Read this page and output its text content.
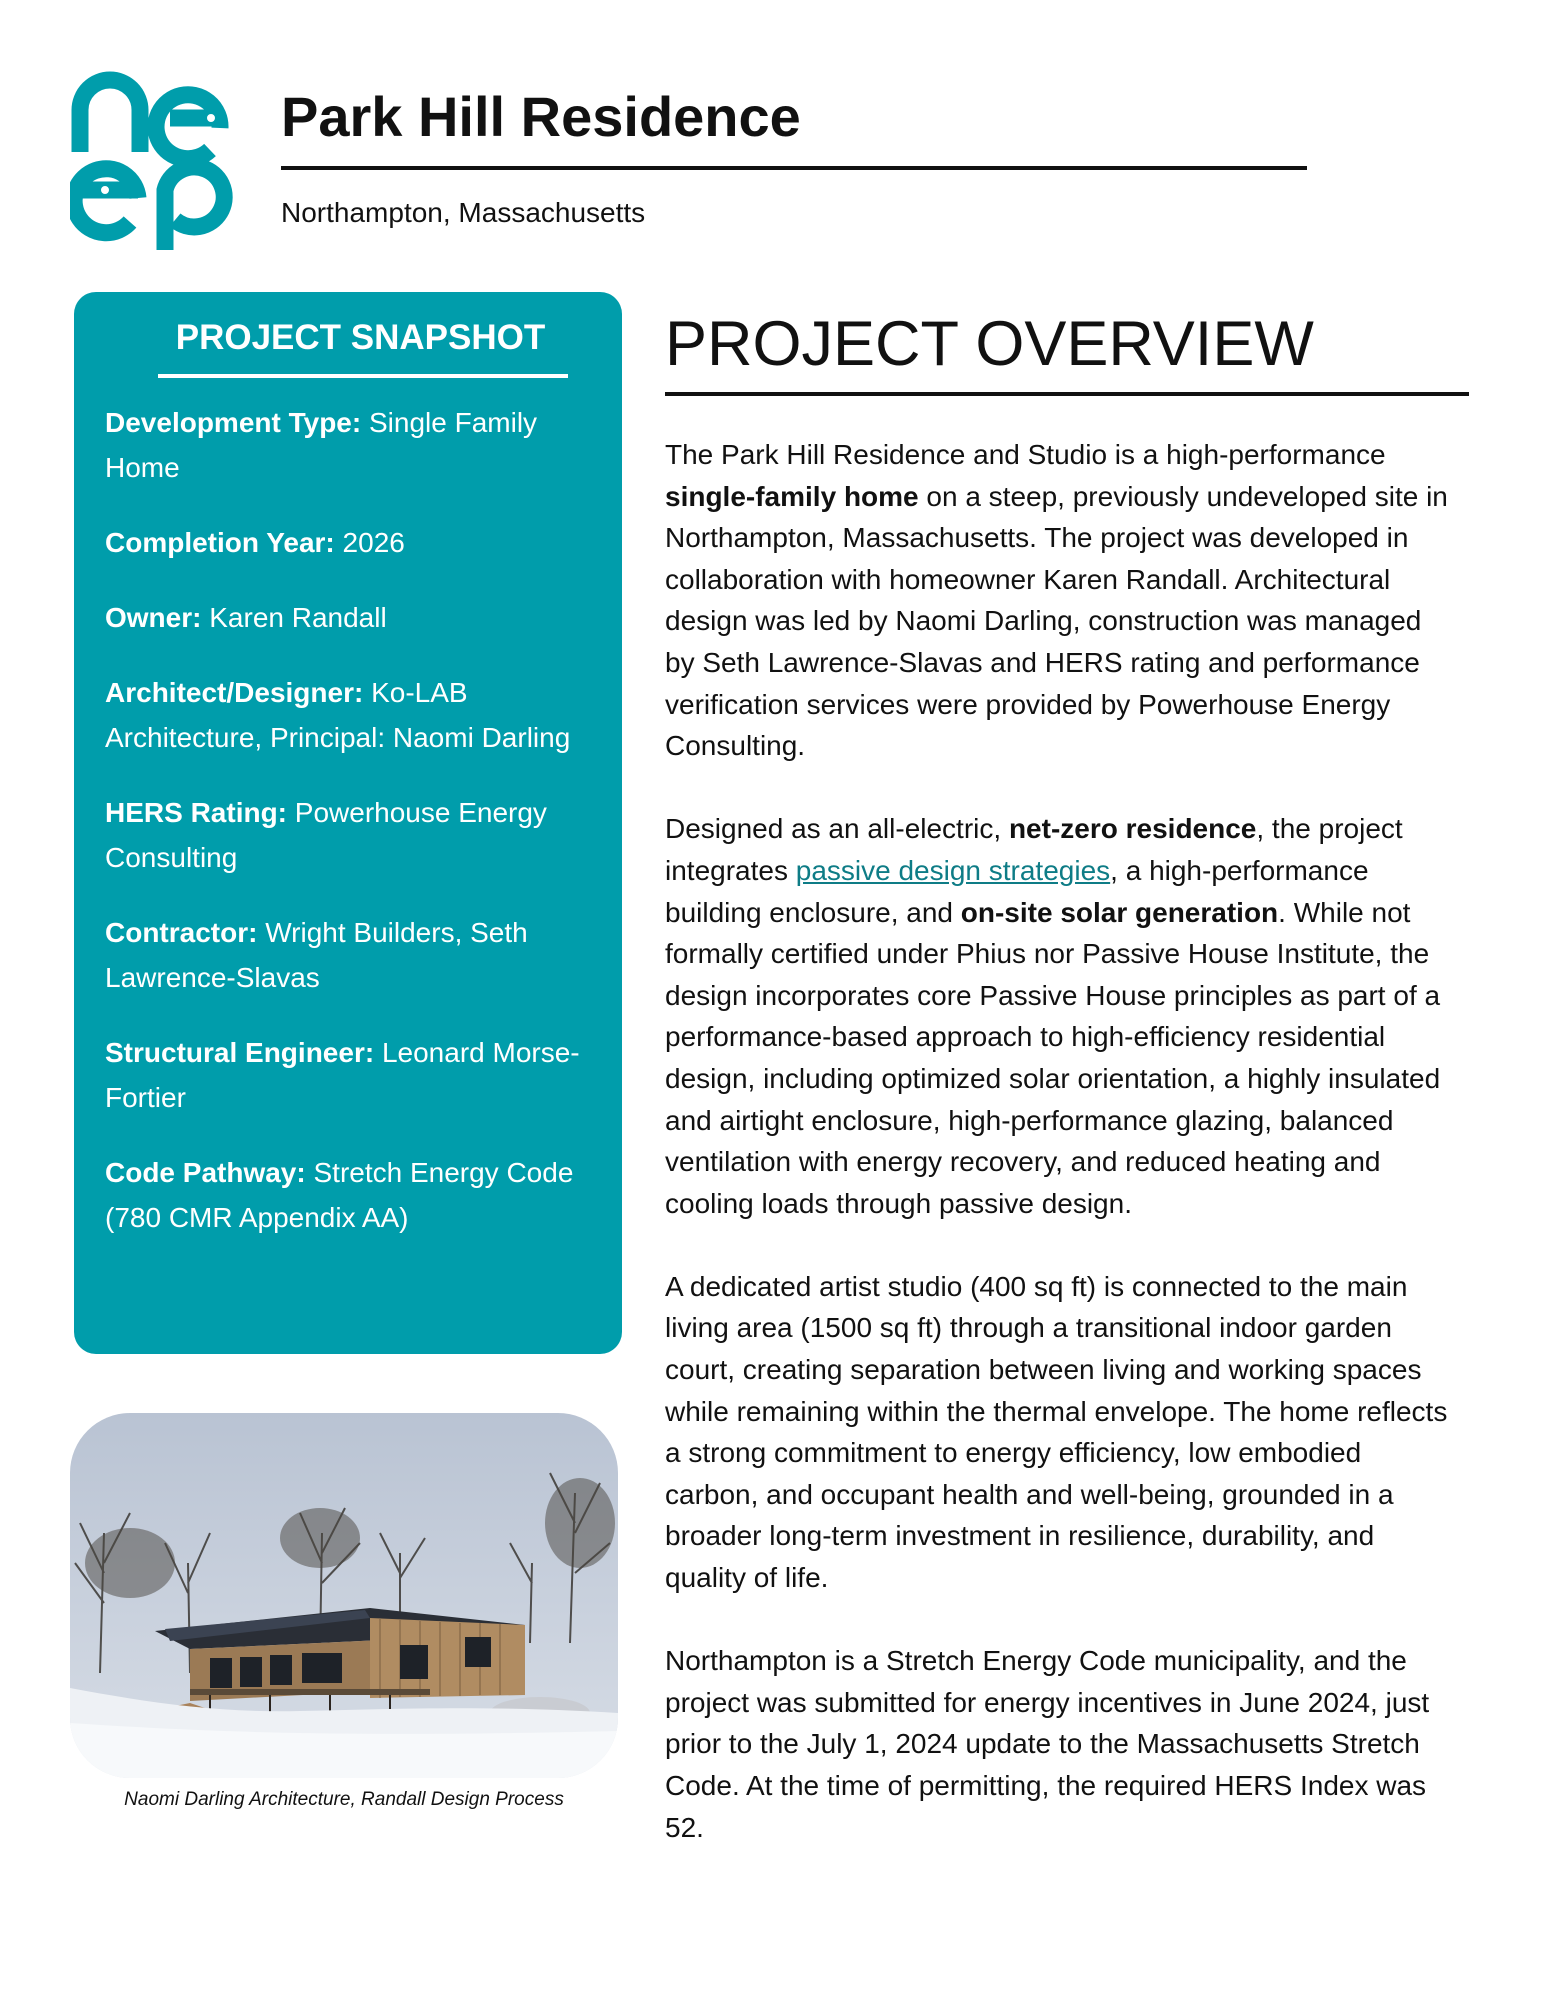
Park Hill Residence
Northampton, Massachusetts
PROJECT SNAPSHOT
Development Type: Single Family Home
Completion Year: 2026
Owner: Karen Randall
Architect/Designer: Ko-LAB Architecture, Principal: Naomi Darling
HERS Rating: Powerhouse Energy Consulting
Contractor: Wright Builders, Seth Lawrence-Slavas
Structural Engineer: Leonard Morse-Fortier
Code Pathway: Stretch Energy Code (780 CMR Appendix AA)
Naomi Darling Architecture, Randall Design Process
PROJECT OVERVIEW

The Park Hill Residence and Studio is a high-performance single-family home on a steep, previously undeveloped site in Northampton, Massachusetts. The project was developed in collaboration with homeowner Karen Randall. Architectural design was led by Naomi Darling, construction was managed by Seth Lawrence-Slavas and HERS rating and performance verification services were provided by Powerhouse Energy Consulting.

Designed as an all-electric, net-zero residence, the project integrates passive design strategies, a high-performance building enclosure, and on-site solar generation. While not formally certified under Phius nor Passive House Institute, the design incorporates core Passive House principles as part of a performance-based approach to high-efficiency residential design, including optimized solar orientation, a highly insulated and airtight enclosure, high-performance glazing, balanced ventilation with energy recovery, and reduced heating and cooling loads through passive design.

A dedicated artist studio (400 sq ft) is connected to the main living area (1500 sq ft) through a transitional indoor garden court, creating separation between living and working spaces while remaining within the thermal envelope. The home reflects a strong commitment to energy efficiency, low embodied carbon, and occupant health and well-being, grounded in a broader long-term investment in resilience, durability, and quality of life.

Northampton is a Stretch Energy Code municipality, and the project was submitted for energy incentives in June 2024, just prior to the July 1, 2024 update to the Massachusetts Stretch Code. At the time of permitting, the required HERS Index was 52.
